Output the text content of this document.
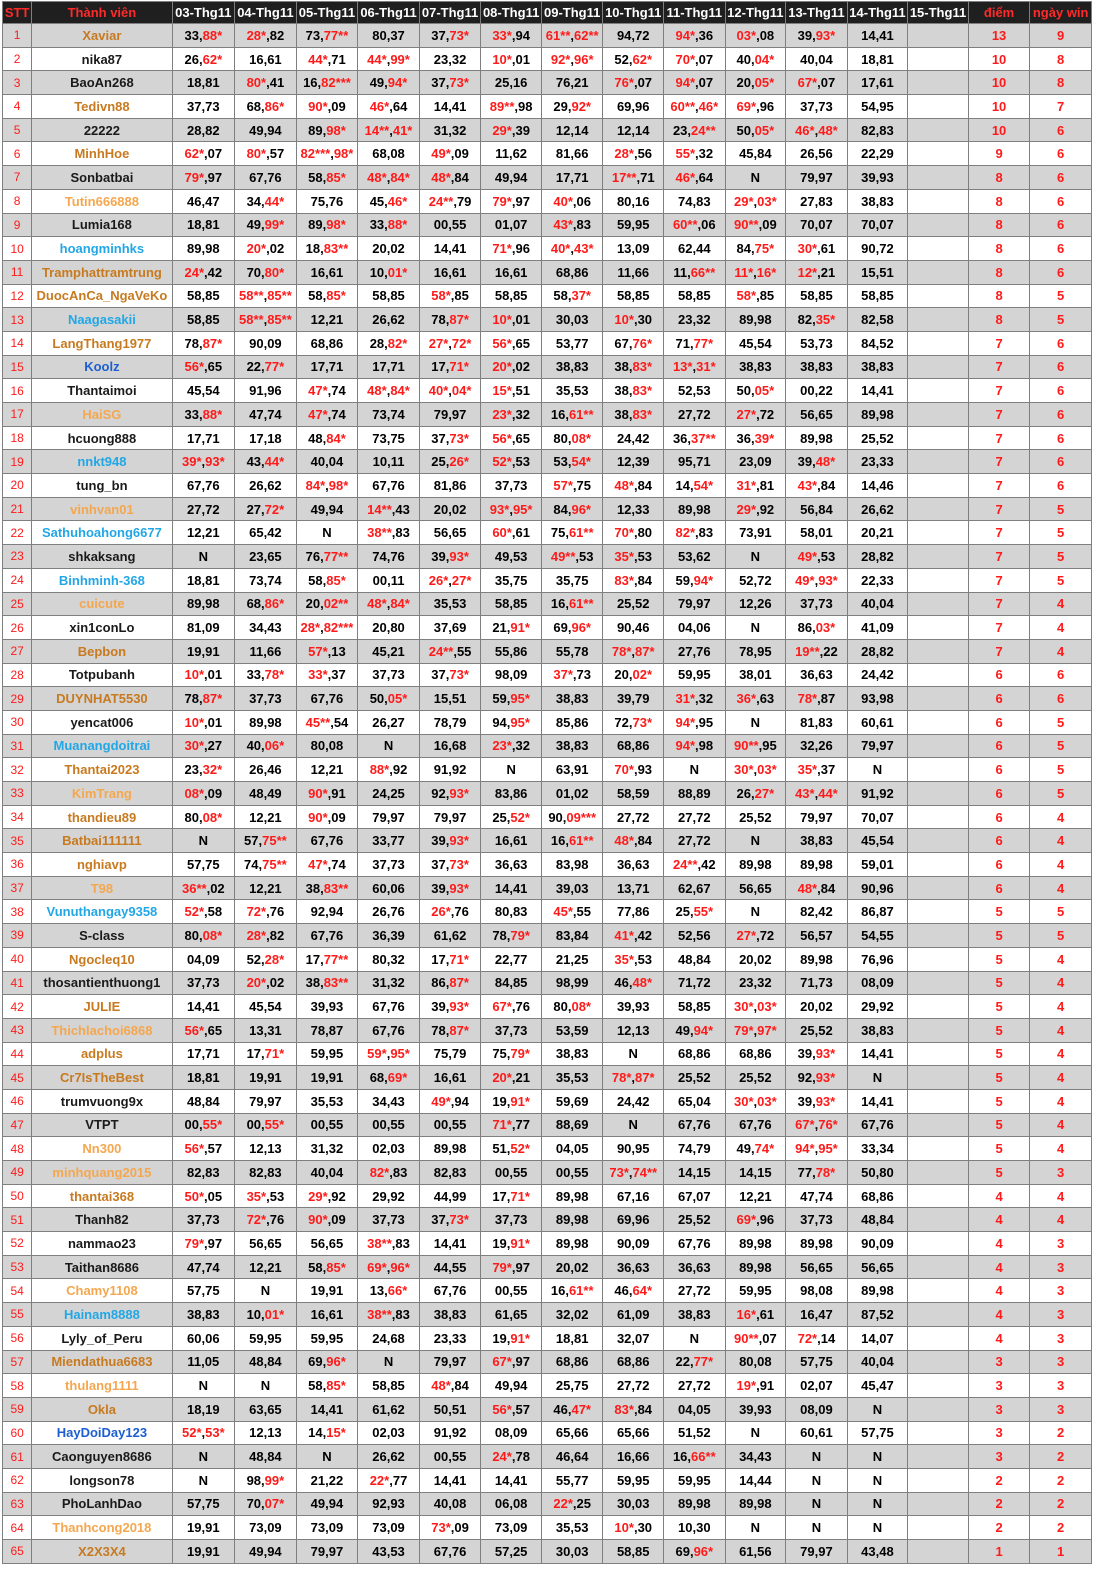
STT	Thành viên	03-Thg11	04-Thg11	05-Thg11	06-Thg11	07-Thg11	08-Thg11	09-Thg11	10-Thg11	11-Thg11	12-Thg11	13-Thg11	14-Thg11	15-Thg11	điểm	ngày win
1	Xaviar	33,88*	28*,82	73,77**	80,37	37,73*	33*,94	61**,62**	94,72	94*,36	03*,08	39,93*	14,41		13	9
2	nika87	26,62*	16,61	44*,71	44*,99*	23,32	10*,01	92*,96*	52,62*	70*,07	40,04*	40,04	18,81		10	8
3	BaoAn268	18,81	80*,41	16,82***	49,94*	37,73*	25,16	76,21	76*,07	94*,07	20,05*	67*,07	17,61		10	8
4	Tedivn88	37,73	68,86*	90*,09	46*,64	14,41	89**,98	29,92*	69,96	60**,46*	69*,96	37,73	54,95		10	7
5	22222	28,82	49,94	89,98*	14**,41*	31,32	29*,39	12,14	12,14	23,24**	50,05*	46*,48*	82,83		10	6
6	MinhHoe	62*,07	80*,57	82***,98*	68,08	49*,09	11,62	81,66	28*,56	55*,32	45,84	26,56	22,29		9	6
7	Sonbatbai	79*,97	67,76	58,85*	48*,84*	48*,84	49,94	17,71	17**,71	46*,64	N	79,97	39,93		8	6
8	Tutin666888	46,47	34,44*	75,76	45,46*	24**,79	79*,97	40*,06	80,16	74,83	29*,03*	27,83	38,83		8	6
9	Lumia168	18,81	49,99*	89,98*	33,88*	00,55	01,07	43*,83	59,95	60**,06	90**,09	70,07	70,07		8	6
10	hoangminhks	89,98	20*,02	18,83**	20,02	14,41	71*,96	40*,43*	13,09	62,44	84,75*	30*,61	90,72		8	6
11	Tramphattramtrung	24*,42	70,80*	16,61	10,01*	16,61	16,61	68,86	11,66	11,66**	11*,16*	12*,21	15,51		8	6
12	DuocAnCa_NgaVeKo	58,85	58**,85**	58,85*	58,85	58*,85	58,85	58,37*	58,85	58,85	58*,85	58,85	58,85		8	5
13	Naagasakii	58,85	58**,85**	12,21	26,62	78,87*	10*,01	30,03	10*,30	23,32	89,98	82,35*	82,58		8	5
14	LangThang1977	78,87*	90,09	68,86	28,82*	27*,72*	56*,65	53,77	67,76*	71,77*	45,54	53,73	84,52		7	6
15	Koolz	56*,65	22,77*	17,71	17,71	17,71*	20*,02	38,83	38,83*	13*,31*	38,83	38,83	38,83		7	6
16	Thantaimoi	45,54	91,96	47*,74	48*,84*	40*,04*	15*,51	35,53	38,83*	52,53	50,05*	00,22	14,41		7	6
17	HaiSG	33,88*	47,74	47*,74	73,74	79,97	23*,32	16,61**	38,83*	27,72	27*,72	56,65	89,98		7	6
18	hcuong888	17,71	17,18	48,84*	73,75	37,73*	56*,65	80,08*	24,42	36,37**	36,39*	89,98	25,52		7	6
19	nnkt948	39*,93*	43,44*	40,04	10,11	25,26*	52*,53	53,54*	12,39	95,71	23,09	39,48*	23,33		7	6
20	tung_bn	67,76	26,62	84*,98*	67,76	81,86	37,73	57*,75	48*,84	14,54*	31*,81	43*,84	14,46		7	6
21	vinhvan01	27,72	27,72*	49,94	14**,43	20,02	93*,95*	84,96*	12,33	89,98	29*,92	56,84	26,62		7	5
22	Sathuhoahong6677	12,21	65,42	N	38**,83	56,65	60*,61	75,61**	70*,80	82*,83	73,91	58,01	20,21		7	5
23	shkaksang	N	23,65	76,77**	74,76	39,93*	49,53	49**,53	35*,53	53,62	N	49*,53	28,82		7	5
24	Binhminh-368	18,81	73,74	58,85*	00,11	26*,27*	35,75	35,75	83*,84	59,94*	52,72	49*,93*	22,33		7	5
25	cuicute	89,98	68,86*	20,02**	48*,84*	35,53	58,85	16,61**	25,52	79,97	12,26	37,73	40,04		7	4
26	xin1conLo	81,09	34,43	28*,82***	20,80	37,69	21,91*	69,96*	90,46	04,06	N	86,03*	41,09		7	4
27	Bepbon	19,91	11,66	57*,13	45,21	24**,55	55,86	55,78	78*,87*	27,76	78,95	19**,22	28,82		7	4
28	Totpubanh	10*,01	33,78*	33*,37	37,73	37,73*	98,09	37*,73	20,02*	59,95	38,01	36,63	24,42		6	6
29	DUYNHAT5530	78,87*	37,73	67,76	50,05*	15,51	59,95*	38,83	39,79	31*,32	36*,63	78*,87	93,98		6	6
30	yencat006	10*,01	89,98	45**,54	26,27	78,79	94,95*	85,86	72,73*	94*,95	N	81,83	60,61		6	5
31	Muanangdoitrai	30*,27	40,06*	80,08	N	16,68	23*,32	38,83	68,86	94*,98	90**,95	32,26	79,97		6	5
32	Thantai2023	23,32*	26,46	12,21	88*,92	91,92	N	63,91	70*,93	N	30*,03*	35*,37	N		6	5
33	KimTrang	08*,09	48,49	90*,91	24,25	92,93*	83,86	01,02	58,59	88,89	26,27*	43*,44*	91,92		6	5
34	thandieu89	80,08*	12,21	90*,09	79,97	79,97	25,52*	90,09***	27,72	27,72	25,52	79,97	70,07		6	4
35	Batbai111111	N	57,75**	67,76	33,77	39,93*	16,61	16,61**	48*,84	27,72	N	38,83	45,54		6	4
36	nghiavp	57,75	74,75**	47*,74	37,73	37,73*	36,63	83,98	36,63	24**,42	89,98	89,98	59,01		6	4
37	T98	36**,02	12,21	38,83**	60,06	39,93*	14,41	39,03	13,71	62,67	56,65	48*,84	90,96		6	4
38	Vunuthangay9358	52*,58	72*,76	92,94	26,76	26*,76	80,83	45*,55	77,86	25,55*	N	82,42	86,87		5	5
39	S-class	80,08*	28*,82	67,76	36,39	61,62	78,79*	83,84	41*,42	52,56	27*,72	56,57	54,55		5	5
40	Ngocleq10	04,09	52,28*	17,77**	80,32	17,71*	22,77	21,25	35*,53	48,84	20,02	89,98	76,96		5	4
41	thosantienthuong1	37,73	20*,02	38,83**	31,32	86,87*	84,85	98,99	46,48*	71,72	23,32	71,73	08,09		5	4
42	JULIE	14,41	45,54	39,93	67,76	39,93*	67*,76	80,08*	39,93	58,85	30*,03*	20,02	29,92		5	4
43	Thichlachoi6868	56*,65	13,31	78,87	67,76	78,87*	37,73	53,59	12,13	49,94*	79*,97*	25,52	38,83		5	4
44	adplus	17,71	17,71*	59,95	59*,95*	75,79	75,79*	38,83	N	68,86	68,86	39,93*	14,41		5	4
45	Cr7IsTheBest	18,81	19,91	19,91	68,69*	16,61	20*,21	35,53	78*,87*	25,52	25,52	92,93*	N		5	4
46	trumvuong9x	48,84	79,97	35,53	34,43	49*,94	19,91*	59,69	24,42	65,04	30*,03*	39,93*	14,41		5	4
47	VTPT	00,55*	00,55*	00,55	00,55	00,55	71*,77	88,69	N	67,76	67,76	67*,76*	67,76		5	4
48	Nn300	56*,57	12,13	31,32	02,03	89,98	51,52*	04,05	90,95	74,79	49,74*	94*,95*	33,34		5	4
49	minhquang2015	82,83	82,83	40,04	82*,83	82,83	00,55	00,55	73*,74**	14,15	14,15	77,78*	50,80		5	3
50	thantai368	50*,05	35*,53	29*,92	29,92	44,99	17,71*	89,98	67,16	67,07	12,21	47,74	68,86		4	4
51	Thanh82	37,73	72*,76	90*,09	37,73	37,73*	37,73	89,98	69,96	25,52	69*,96	37,73	48,84		4	4
52	nammao23	79*,97	56,65	56,65	38**,83	14,41	19,91*	89,98	90,09	67,76	89,98	89,98	90,09		4	3
53	Taithan8686	47,74	12,21	58,85*	69*,96*	44,55	79*,97	20,02	36,63	36,63	89,98	56,65	56,65		4	3
54	Chamy1108	57,75	N	19,91	13,66*	67,76	00,55	16,61**	46,64*	27,72	59,95	98,08	89,98		4	3
55	Hainam8888	38,83	10,01*	16,61	38**,83	38,83	61,65	32,02	61,09	38,83	16*,61	16,47	87,52		4	3
56	Lyly_of_Peru	60,06	59,95	59,95	24,68	23,33	19,91*	18,81	32,07	N	90**,07	72*,14	14,07		4	3
57	Miendathua6683	11,05	48,84	69,96*	N	79,97	67*,97	68,86	68,86	22,77*	80,08	57,75	40,04		3	3
58	thulang1111	N	N	58,85*	58,85	48*,84	49,94	25,75	27,72	27,72	19*,91	02,07	45,47		3	3
59	Okla	18,19	63,65	14,41	61,62	50,51	56*,57	46,47*	83*,84	04,05	39,93	08,09	N		3	3
60	HayDoiDay123	52*,53*	12,13	14,15*	02,03	91,92	08,09	65,66	65,66	51,52	N	60,61	57,75		3	2
61	Caonguyen8686	N	48,84	N	26,62	00,55	24*,78	46,64	16,66	16,66**	34,43	N	N		3	2
62	longson78	N	98,99*	21,22	22*,77	14,41	14,41	55,77	59,95	59,95	14,44	N	N		2	2
63	PhoLanhDao	57,75	70,07*	49,94	92,93	40,08	06,08	22*,25	30,03	89,98	89,98	N	N		2	2
64	Thanhcong2018	19,91	73,09	73,09	73,09	73*,09	73,09	35,53	10*,30	10,30	N	N	N		2	2
65	X2X3X4	19,91	49,94	79,97	43,53	67,76	57,25	30,03	58,85	69,96*	61,56	79,97	43,48		1	1
